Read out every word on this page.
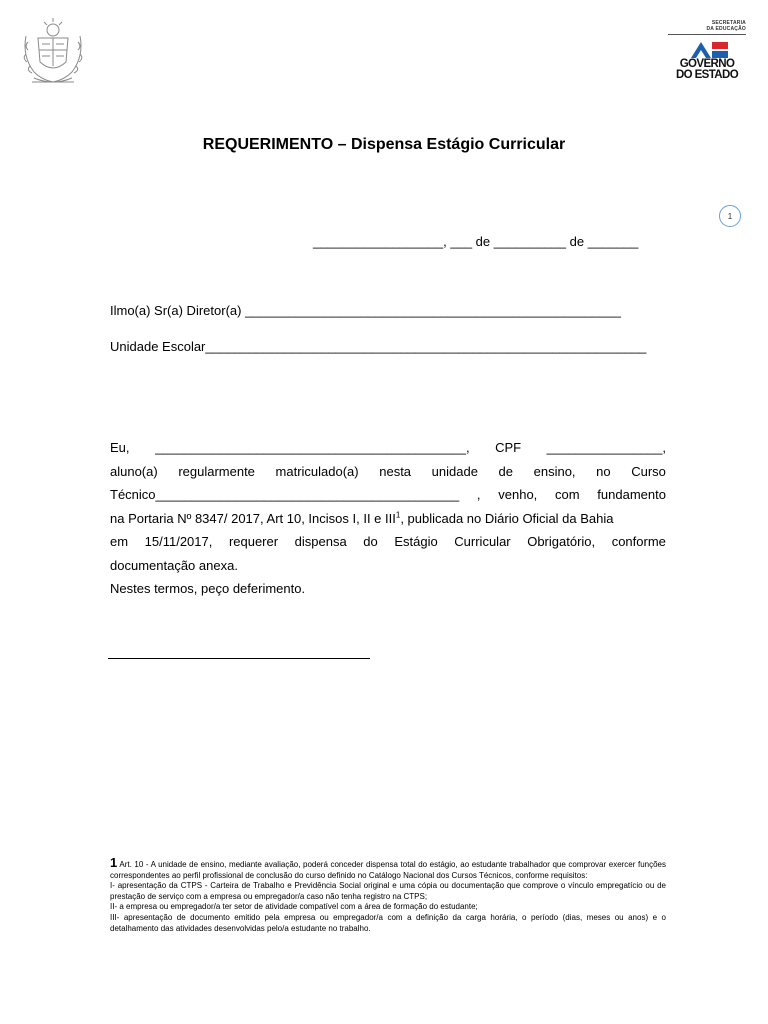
SECRETARIA
DA EDUCAÇÃO
GOVERNO
DO ESTADO
REQUERIMENTO – Dispensa Estágio Curricular
1
__________________, ___ de __________ de _______
Ilmo(a) Sr(a) Diretor(a) ____________________________________________________
Unidade Escolar_____________________________________________________________
Eu, ___________________________________________, CPF ________________,
aluno(a) regularmente matriculado(a) nesta unidade de ensino, no Curso
Técnico__________________________________________ , venho, com fundamento
na Portaria Nº 8347/ 2017, Art 10, Incisos I, II e III$^1$, publicada no Diário Oficial da Bahia
em 15/11/2017, requerer dispensa do Estágio Curricular Obrigatório, conforme
documentação anexa.
Nestes termos, peço deferimento.

1 Art. 10 - A unidade de ensino, mediante avaliação, poderá conceder dispensa total do estágio, ao estudante trabalhador que comprovar exercer funções correspondentes ao perfil profissional de conclusão do curso definido no Catálogo Nacional dos Cursos Técnicos, conforme requisitos:

I- apresentação da CTPS - Carteira de Trabalho e Previdência Social original e uma cópia ou documentação que comprove o vínculo empregatício ou de prestação de serviço com a empresa ou empregador/a caso não tenha registro na CTPS;

II- a empresa ou empregador/a ter setor de atividade compatível com a área de formação do estudante;

III- apresentação de documento emitido pela empresa ou empregador/a com a definição da carga horária, o período (dias, meses ou anos) e o detalhamento das atividades desenvolvidas pelo/a estudante no trabalho.
